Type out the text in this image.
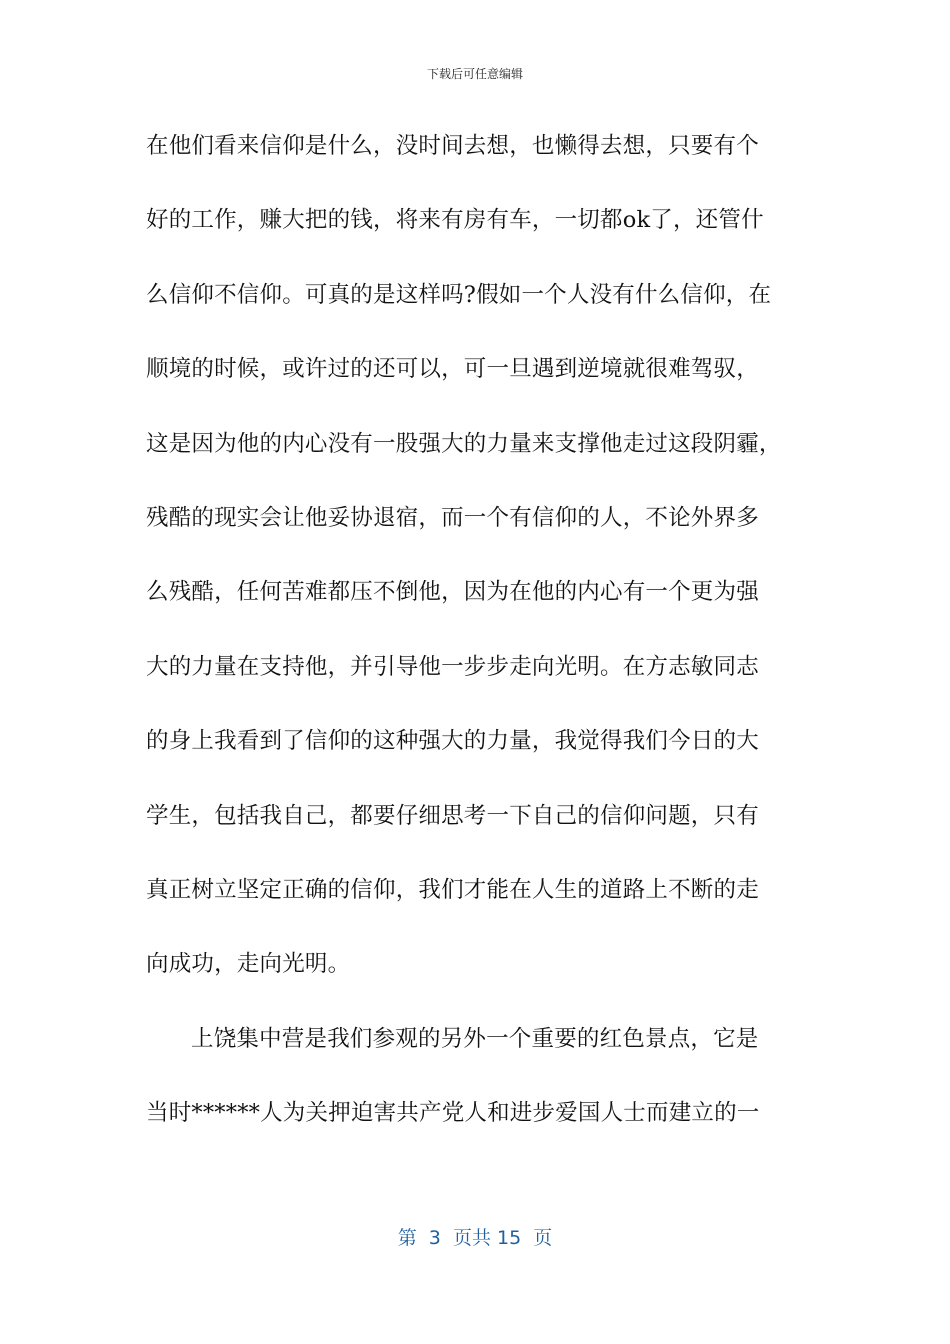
下载后可任意编辑
在他们看来信仰是什么，没时间去想，也懒得去想，只要有个
好的工作，赚大把的钱，将来有房有车，一切都ok了，还管什
么信仰不信仰。可真的是这样吗?假如一个人没有什么信仰，在
顺境的时候，或许过的还可以，可一旦遇到逆境就很难驾驭，
这是因为他的内心没有一股强大的力量来支撑他走过这段阴霾，
残酷的现实会让他妥协退宿，而一个有信仰的人，不论外界多
么残酷，任何苦难都压不倒他，因为在他的内心有一个更为强
大的力量在支持他，并引导他一步步走向光明。在方志敏同志
的身上我看到了信仰的这种强大的力量，我觉得我们今日的大
学生，包括我自己，都要仔细思考一下自己的信仰问题，只有
真正树立坚定正确的信仰，我们才能在人生的道路上不断的走
向成功，走向光明。
上饶集中营是我们参观的另外一个重要的红色景点，它是
当时******人为关押迫害共产党人和进步爱国人士而建立的一
第  3  页共 15  页
